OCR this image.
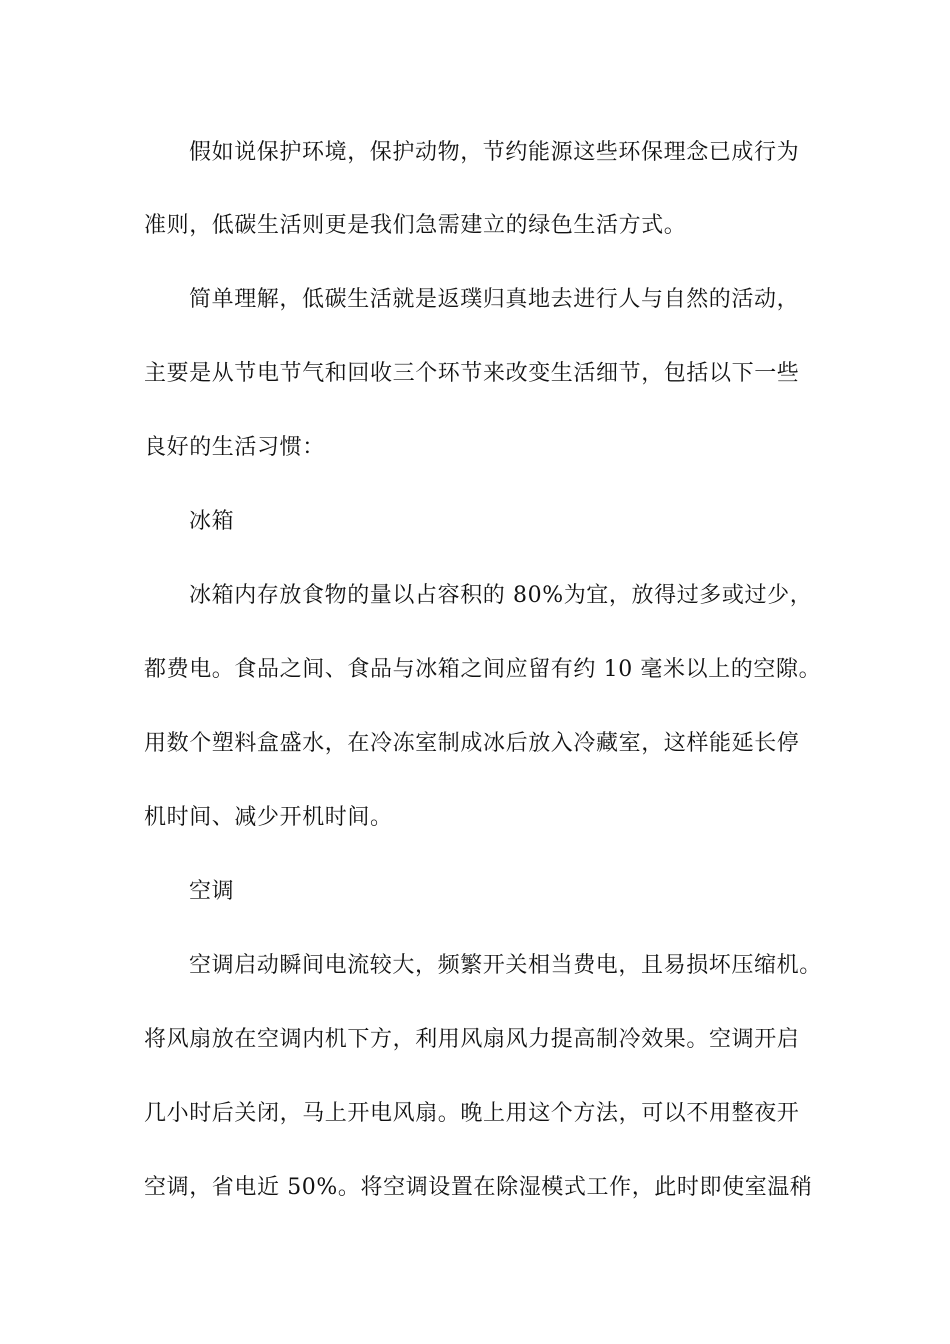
假如说保护环境，保护动物，节约能源这些环保理念已成行为
准则，低碳生活则更是我们急需建立的绿色生活方式。
简单理解，低碳生活就是返璞归真地去进行人与自然的活动，
主要是从节电节气和回收三个环节来改变生活细节，包括以下一些
良好的生活习惯：
冰箱
冰箱内存放食物的量以占容积的 80%为宜，放得过多或过少，
都费电。食品之间、食品与冰箱之间应留有约 10 毫米以上的空隙。
用数个塑料盒盛水，在冷冻室制成冰后放入冷藏室，这样能延长停
机时间、减少开机时间。
空调
空调启动瞬间电流较大，频繁开关相当费电，且易损坏压缩机。
将风扇放在空调内机下方，利用风扇风力提高制冷效果。空调开启
几小时后关闭，马上开电风扇。晚上用这个方法，可以不用整夜开
空调，省电近 50%。将空调设置在除湿模式工作，此时即使室温稍
